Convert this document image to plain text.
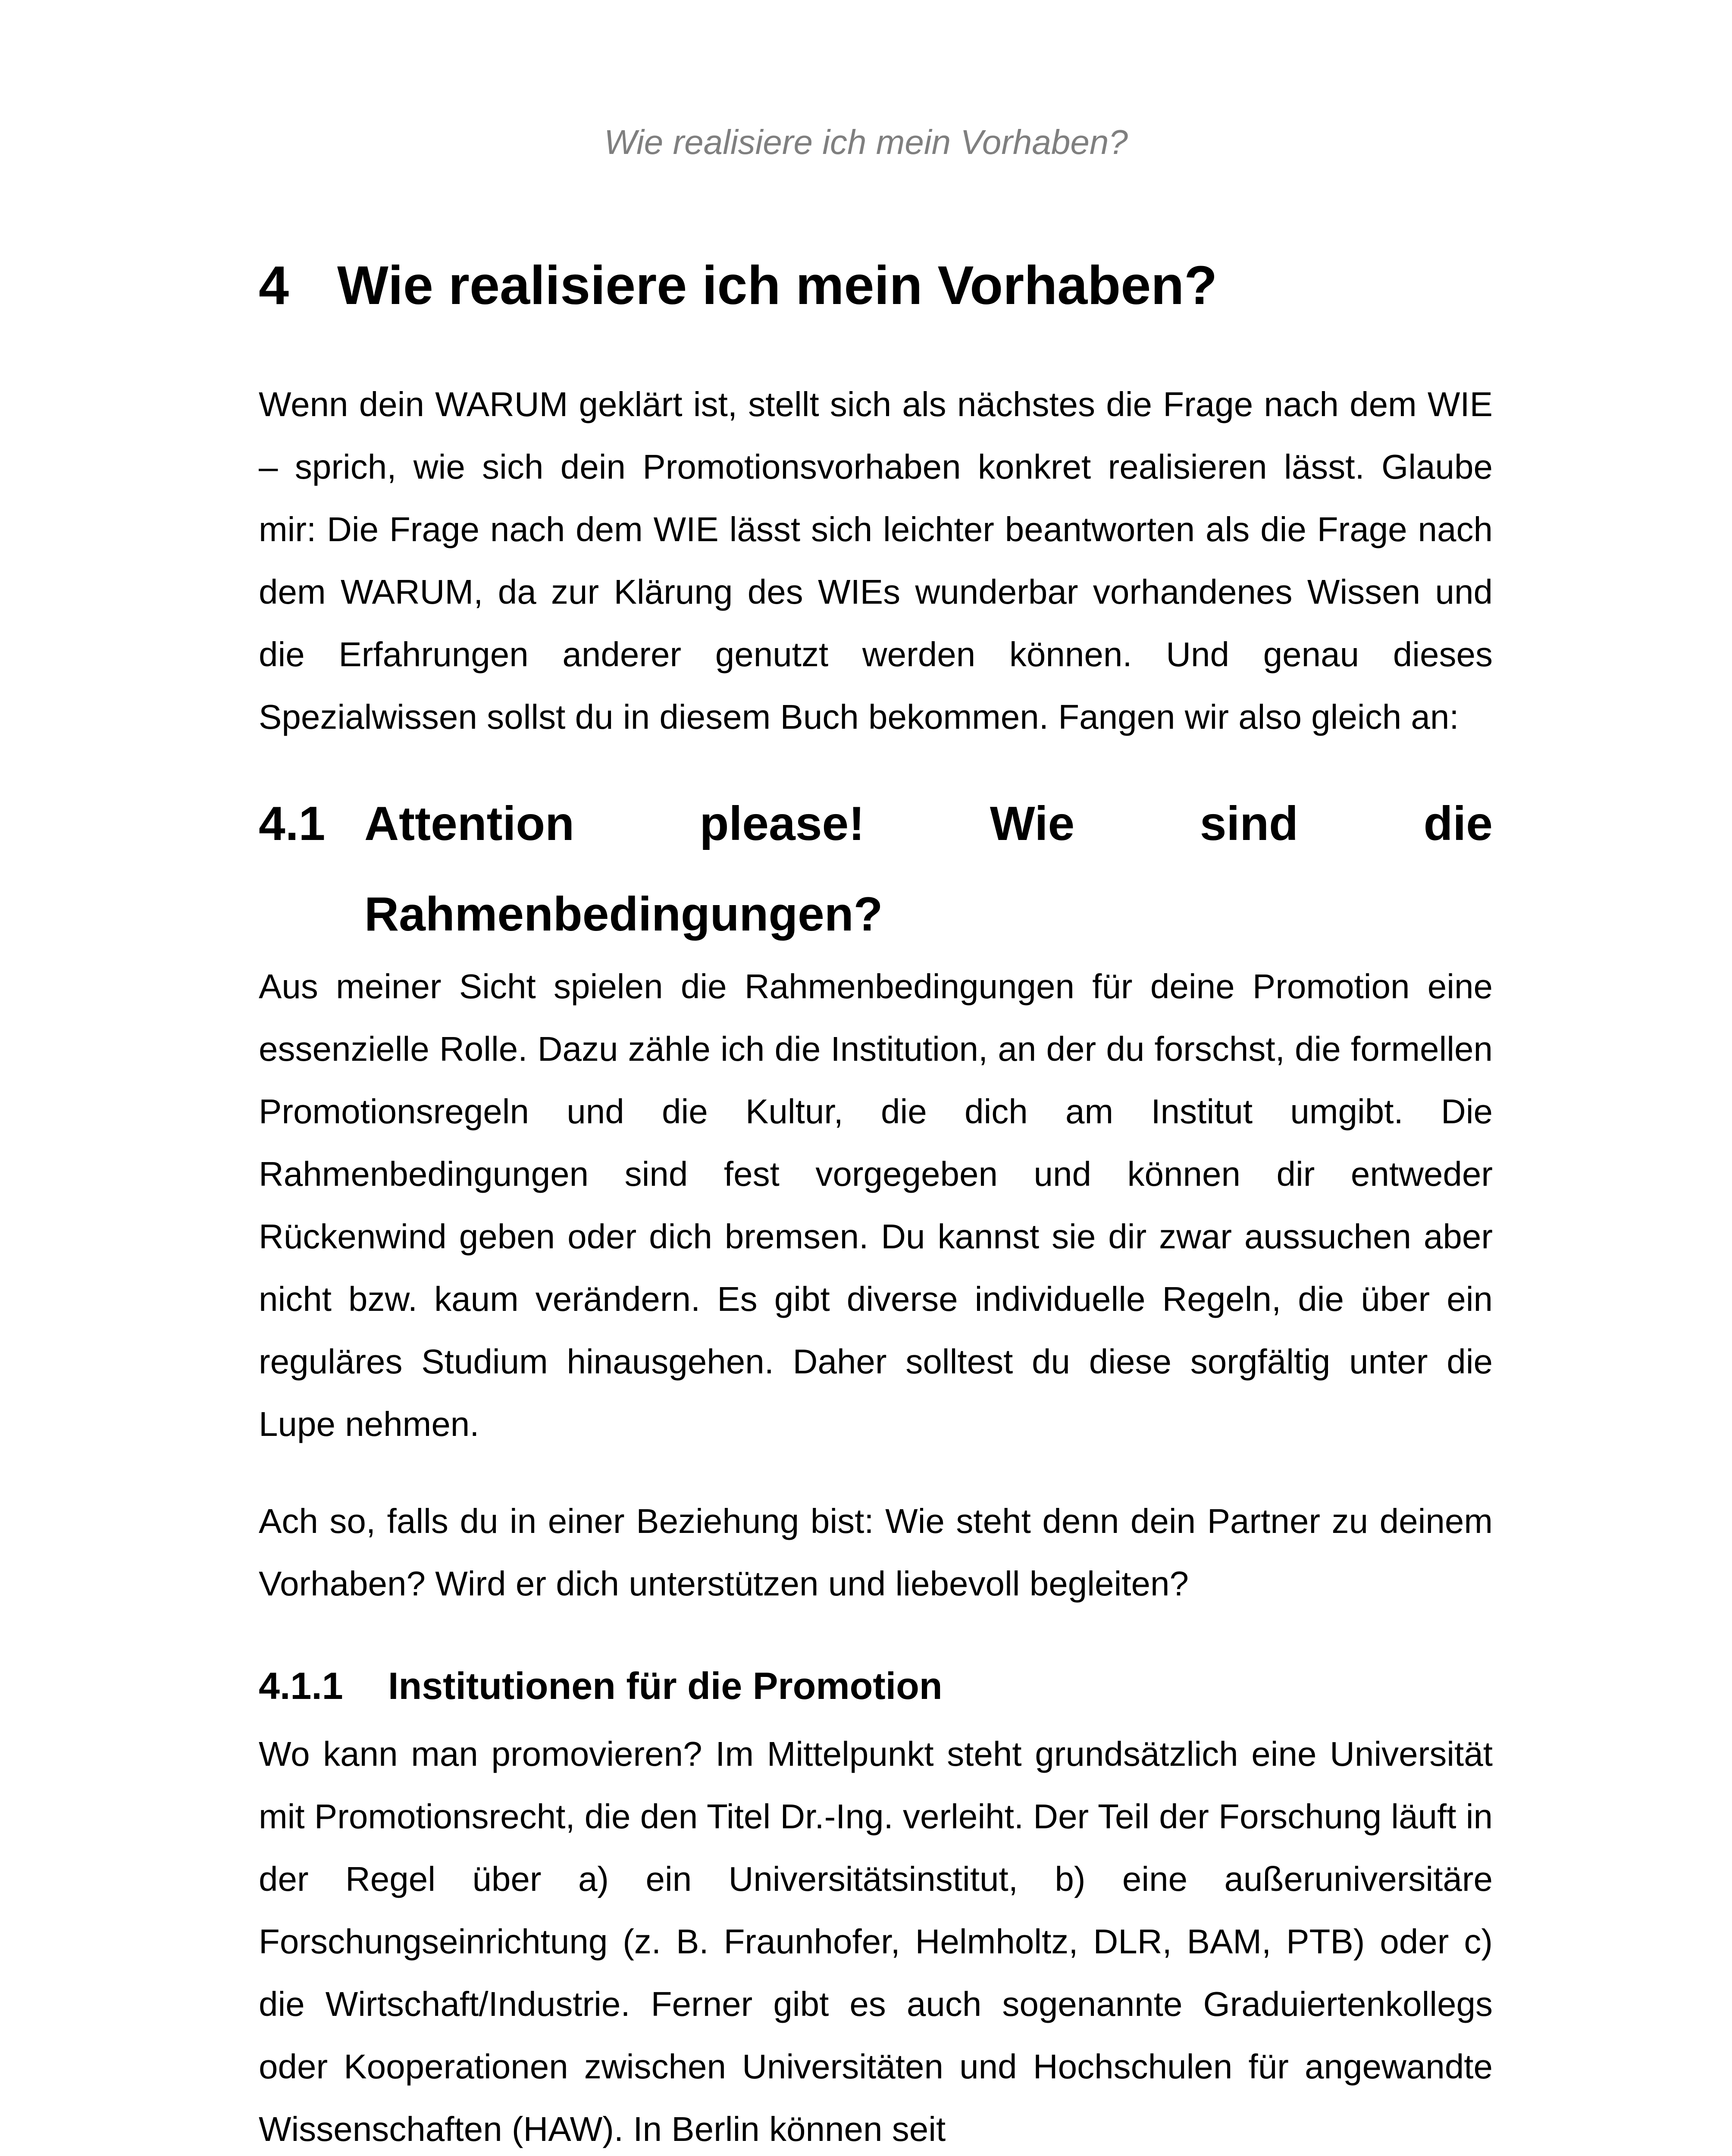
Wie realisiere ich mein Vorhaben?
4 Wie realisiere ich mein Vorhaben?

Wenn dein WARUM geklärt ist, stellt sich als nächstes die Frage nach dem WIE – sprich, wie sich dein Promotionsvorhaben konkret realisieren lässt. Glaube mir: Die Frage nach dem WIE lässt sich leichter beantworten als die Frage nach dem WARUM, da zur Klärung des WIEs wunderbar vorhandenes Wissen und die Erfahrungen anderer genutzt werden können. Und genau dieses Spezialwissen sollst du in diesem Buch bekommen. Fangen wir also gleich an:

4.1 Attention	please!	Wie	sind	die
Rahmenbedingungen?

Aus meiner Sicht spielen die Rahmenbedingungen für deine Promotion eine essenzielle Rolle. Dazu zähle ich die Institution, an der du forschst, die formellen Promotionsregeln und die Kultur, die dich am Institut umgibt. Die Rahmenbedingungen sind fest vorgegeben und können dir entweder Rückenwind geben oder dich bremsen. Du kannst sie dir zwar aussuchen aber nicht bzw. kaum verändern. Es gibt diverse individuelle Regeln, die über ein reguläres Studium hinausgehen. Daher solltest du diese sorgfältig unter die Lupe nehmen.

Ach so, falls du in einer Beziehung bist: Wie steht denn dein Partner zu deinem Vorhaben? Wird er dich unterstützen und liebevoll begleiten?

4.1.1	Institutionen für die Promotion

Wo kann man promovieren? Im Mittelpunkt steht grundsätzlich eine Universität mit Promotionsrecht, die den Titel Dr.-Ing. verleiht. Der Teil der Forschung läuft in der Regel über a) ein Universitätsinstitut, b) eine außeruniversitäre Forschungseinrichtung (z. B. Fraunhofer, Helmholtz, DLR, BAM, PTB) oder c) die Wirtschaft/Industrie. Ferner gibt es auch sogenannte Graduiertenkollegs oder Kooperationen zwischen Universitäten und Hochschulen für angewandte Wissenschaften (HAW). In Berlin können seit
